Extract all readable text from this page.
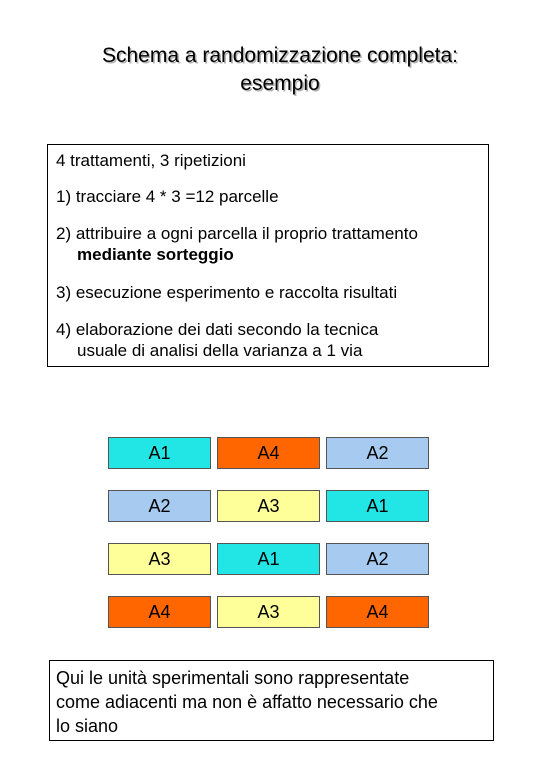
Schema a randomizzazione completa:
esempio
4 trattamenti, 3 ripetizioni
1) tracciare 4 * 3 =12 parcelle
2) attribuire a ogni parcella il proprio trattamento
mediante sorteggio
3) esecuzione esperimento e raccolta risultati
4) elaborazione dei dati secondo la tecnica
usuale di analisi della varianza a 1 via
A1	A4	A2
A2	A3	A1
A3	A1	A2
A4	A3	A4
Qui le unità sperimentali sono rappresentate
come adiacenti ma non è affatto necessario che
lo siano
